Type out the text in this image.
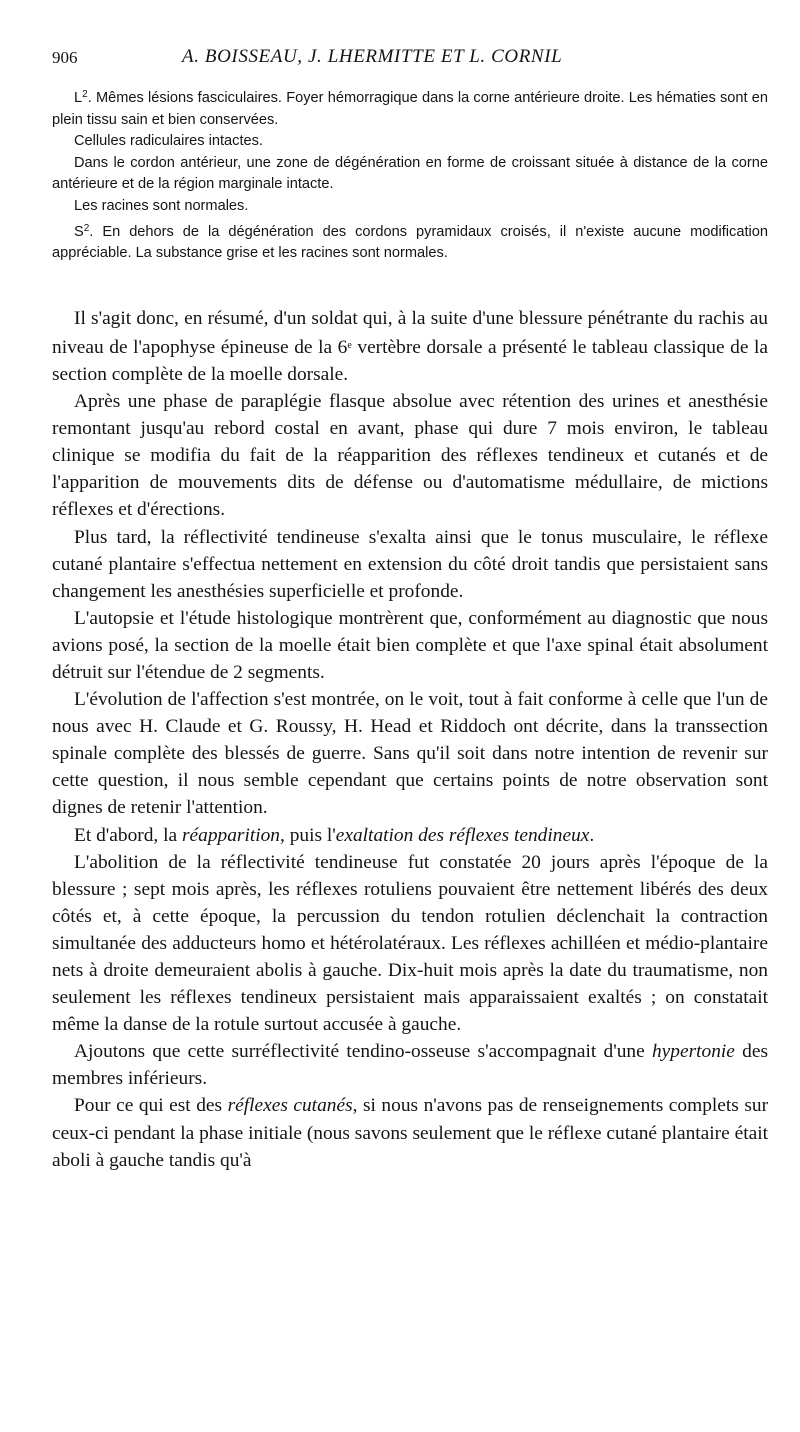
906	A. BOISSEAU, J. LHERMITTE ET L. CORNIL

$L^2$. Mêmes lésions fasciculaires. Foyer hémorragique dans la corne antérieure droite. Les hématies sont en plein tissu sain et bien conservées.

Cellules radiculaires intactes.

Dans le cordon antérieur, une zone de dégénération en forme de croissant située à distance de la corne antérieure et de la région marginale intacte.

Les racines sont normales.

$S^2$. En dehors de la dégénération des cordons pyramidaux croisés, il n'existe aucune modification appréciable. La substance grise et les racines sont normales.

Il s'agit donc, en résumé, d'un soldat qui, à la suite d'une blessure pénétrante du rachis au niveau de l'apophyse épineuse de la 6e vertèbre dorsale a présenté le tableau classique de la section complète de la moelle dorsale.

Après une phase de paraplégie flasque absolue avec rétention des urines et anesthésie remontant jusqu'au rebord costal en avant, phase qui dure 7 mois environ, le tableau clinique se modifia du fait de la réapparition des réflexes tendineux et cutanés et de l'apparition de mouvements dits de défense ou d'automatisme médullaire, de mictions réflexes et d'érections.

Plus tard, la réflectivité tendineuse s'exalta ainsi que le tonus musculaire, le réflexe cutané plantaire s'effectua nettement en extension du côté droit tandis que persistaient sans changement les anesthésies superficielle et profonde.

L'autopsie et l'étude histologique montrèrent que, conformément au diagnostic que nous avions posé, la section de la moelle était bien complète et que l'axe spinal était absolument détruit sur l'étendue de 2 segments.

L'évolution de l'affection s'est montrée, on le voit, tout à fait conforme à celle que l'un de nous avec H. Claude et G. Roussy, H. Head et Riddoch ont décrite, dans la transsection spinale complète des blessés de guerre. Sans qu'il soit dans notre intention de revenir sur cette question, il nous semble cependant que certains points de notre observation sont dignes de retenir l'attention.

Et d'abord, la réapparition, puis l'exaltation des réflexes tendineux.

L'abolition de la réflectivité tendineuse fut constatée 20 jours après l'époque de la blessure ; sept mois après, les réflexes rotuliens pouvaient être nettement libérés des deux côtés et, à cette époque, la percussion du tendon rotulien déclenchait la contraction simultanée des adducteurs homo et hétérolatéraux. Les réflexes achilléen et médio-plantaire nets à droite demeuraient abolis à gauche. Dix-huit mois après la date du traumatisme, non seulement les réflexes tendineux persistaient mais apparaissaient exaltés ; on constatait même la danse de la rotule surtout accusée à gauche.

Ajoutons que cette surréflectivité tendino-osseuse s'accompagnait d'une hypertonie des membres inférieurs.

Pour ce qui est des réflexes cutanés, si nous n'avons pas de renseignements complets sur ceux-ci pendant la phase initiale (nous savons seulement que le réflexe cutané plantaire était aboli à gauche tandis qu'à
